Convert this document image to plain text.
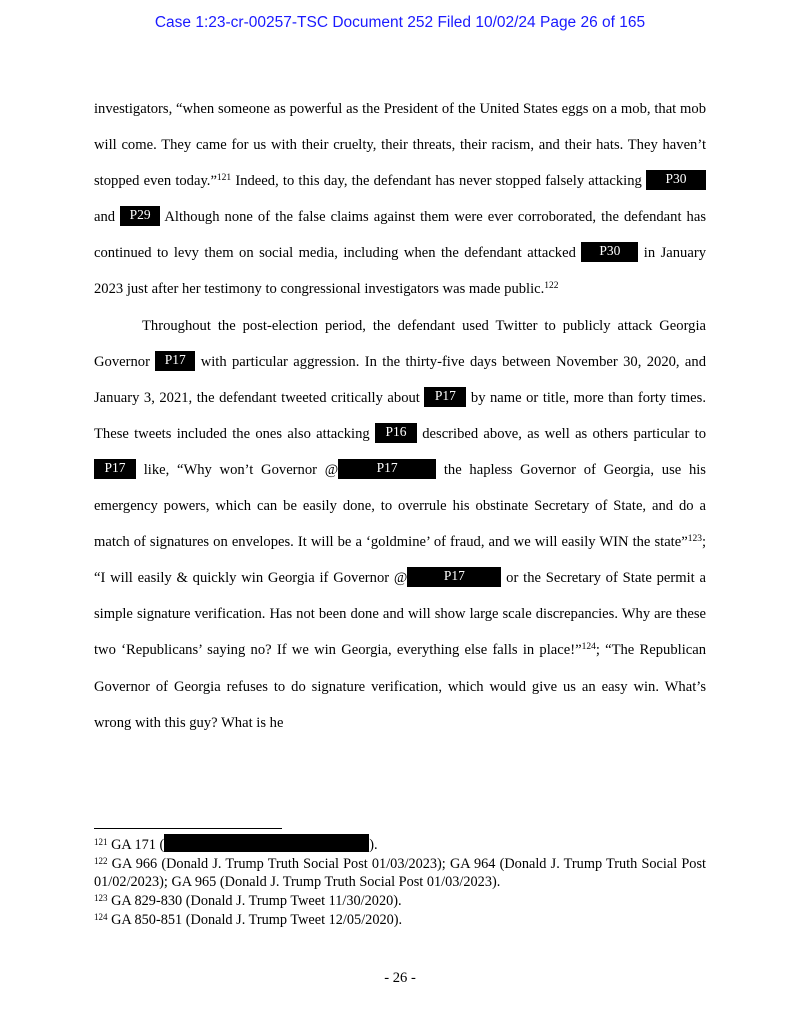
Case 1:23-cr-00257-TSC Document 252 Filed 10/02/24 Page 26 of 165

investigators, “when someone as powerful as the President of the United States eggs on a mob, that mob will come. They came for us with their cruelty, their threats, their racism, and their hats. They haven’t stopped even today.”$^{121}$ Indeed, to this day, the defendant has never stopped falsely attacking P30 and P29 Although none of the false claims against them were ever corroborated, the defendant has continued to levy them on social media, including when the defendant attacked P30 in January 2023 just after her testimony to congressional investigators was made public.$^{122}$

Throughout the post-election period, the defendant used Twitter to publicly attack Georgia Governor P17 with particular aggression. In the thirty-five days between November 30, 2020, and January 3, 2021, the defendant tweeted critically about P17 by name or title, more than forty times. These tweets included the ones also attacking P16 described above, as well as others particular to P17 like, “Why won’t Governor @	P17	the hapless Governor of Georgia, use his emergency powers, which can be easily done, to overrule his obstinate Secretary of State, and do a match of signatures on envelopes. It will be a ‘goldmine’ of fraud, and we will easily WIN the state”$^{123}$; “I will easily & quickly win Georgia if Governor @	P17	or the Secretary of State permit a simple signature verification. Has not been done and will show large scale discrepancies. Why are these two ‘Republicans’ saying no? If we win Georgia, everything else falls in place!”$^{124}$; “The Republican Governor of Georgia refuses to do signature verification, which would give us an easy win. What’s wrong with this guy? What is he

$^{121}$ GA 171 (	).
$^{122}$ GA 966 (Donald J. Trump Truth Social Post 01/03/2023); GA 964 (Donald J. Trump Truth Social Post 01/02/2023); GA 965 (Donald J. Trump Truth Social Post 01/03/2023).
$^{123}$ GA 829-830 (Donald J. Trump Tweet 11/30/2020).
$^{124}$ GA 850-851 (Donald J. Trump Tweet 12/05/2020).
- 26 -
